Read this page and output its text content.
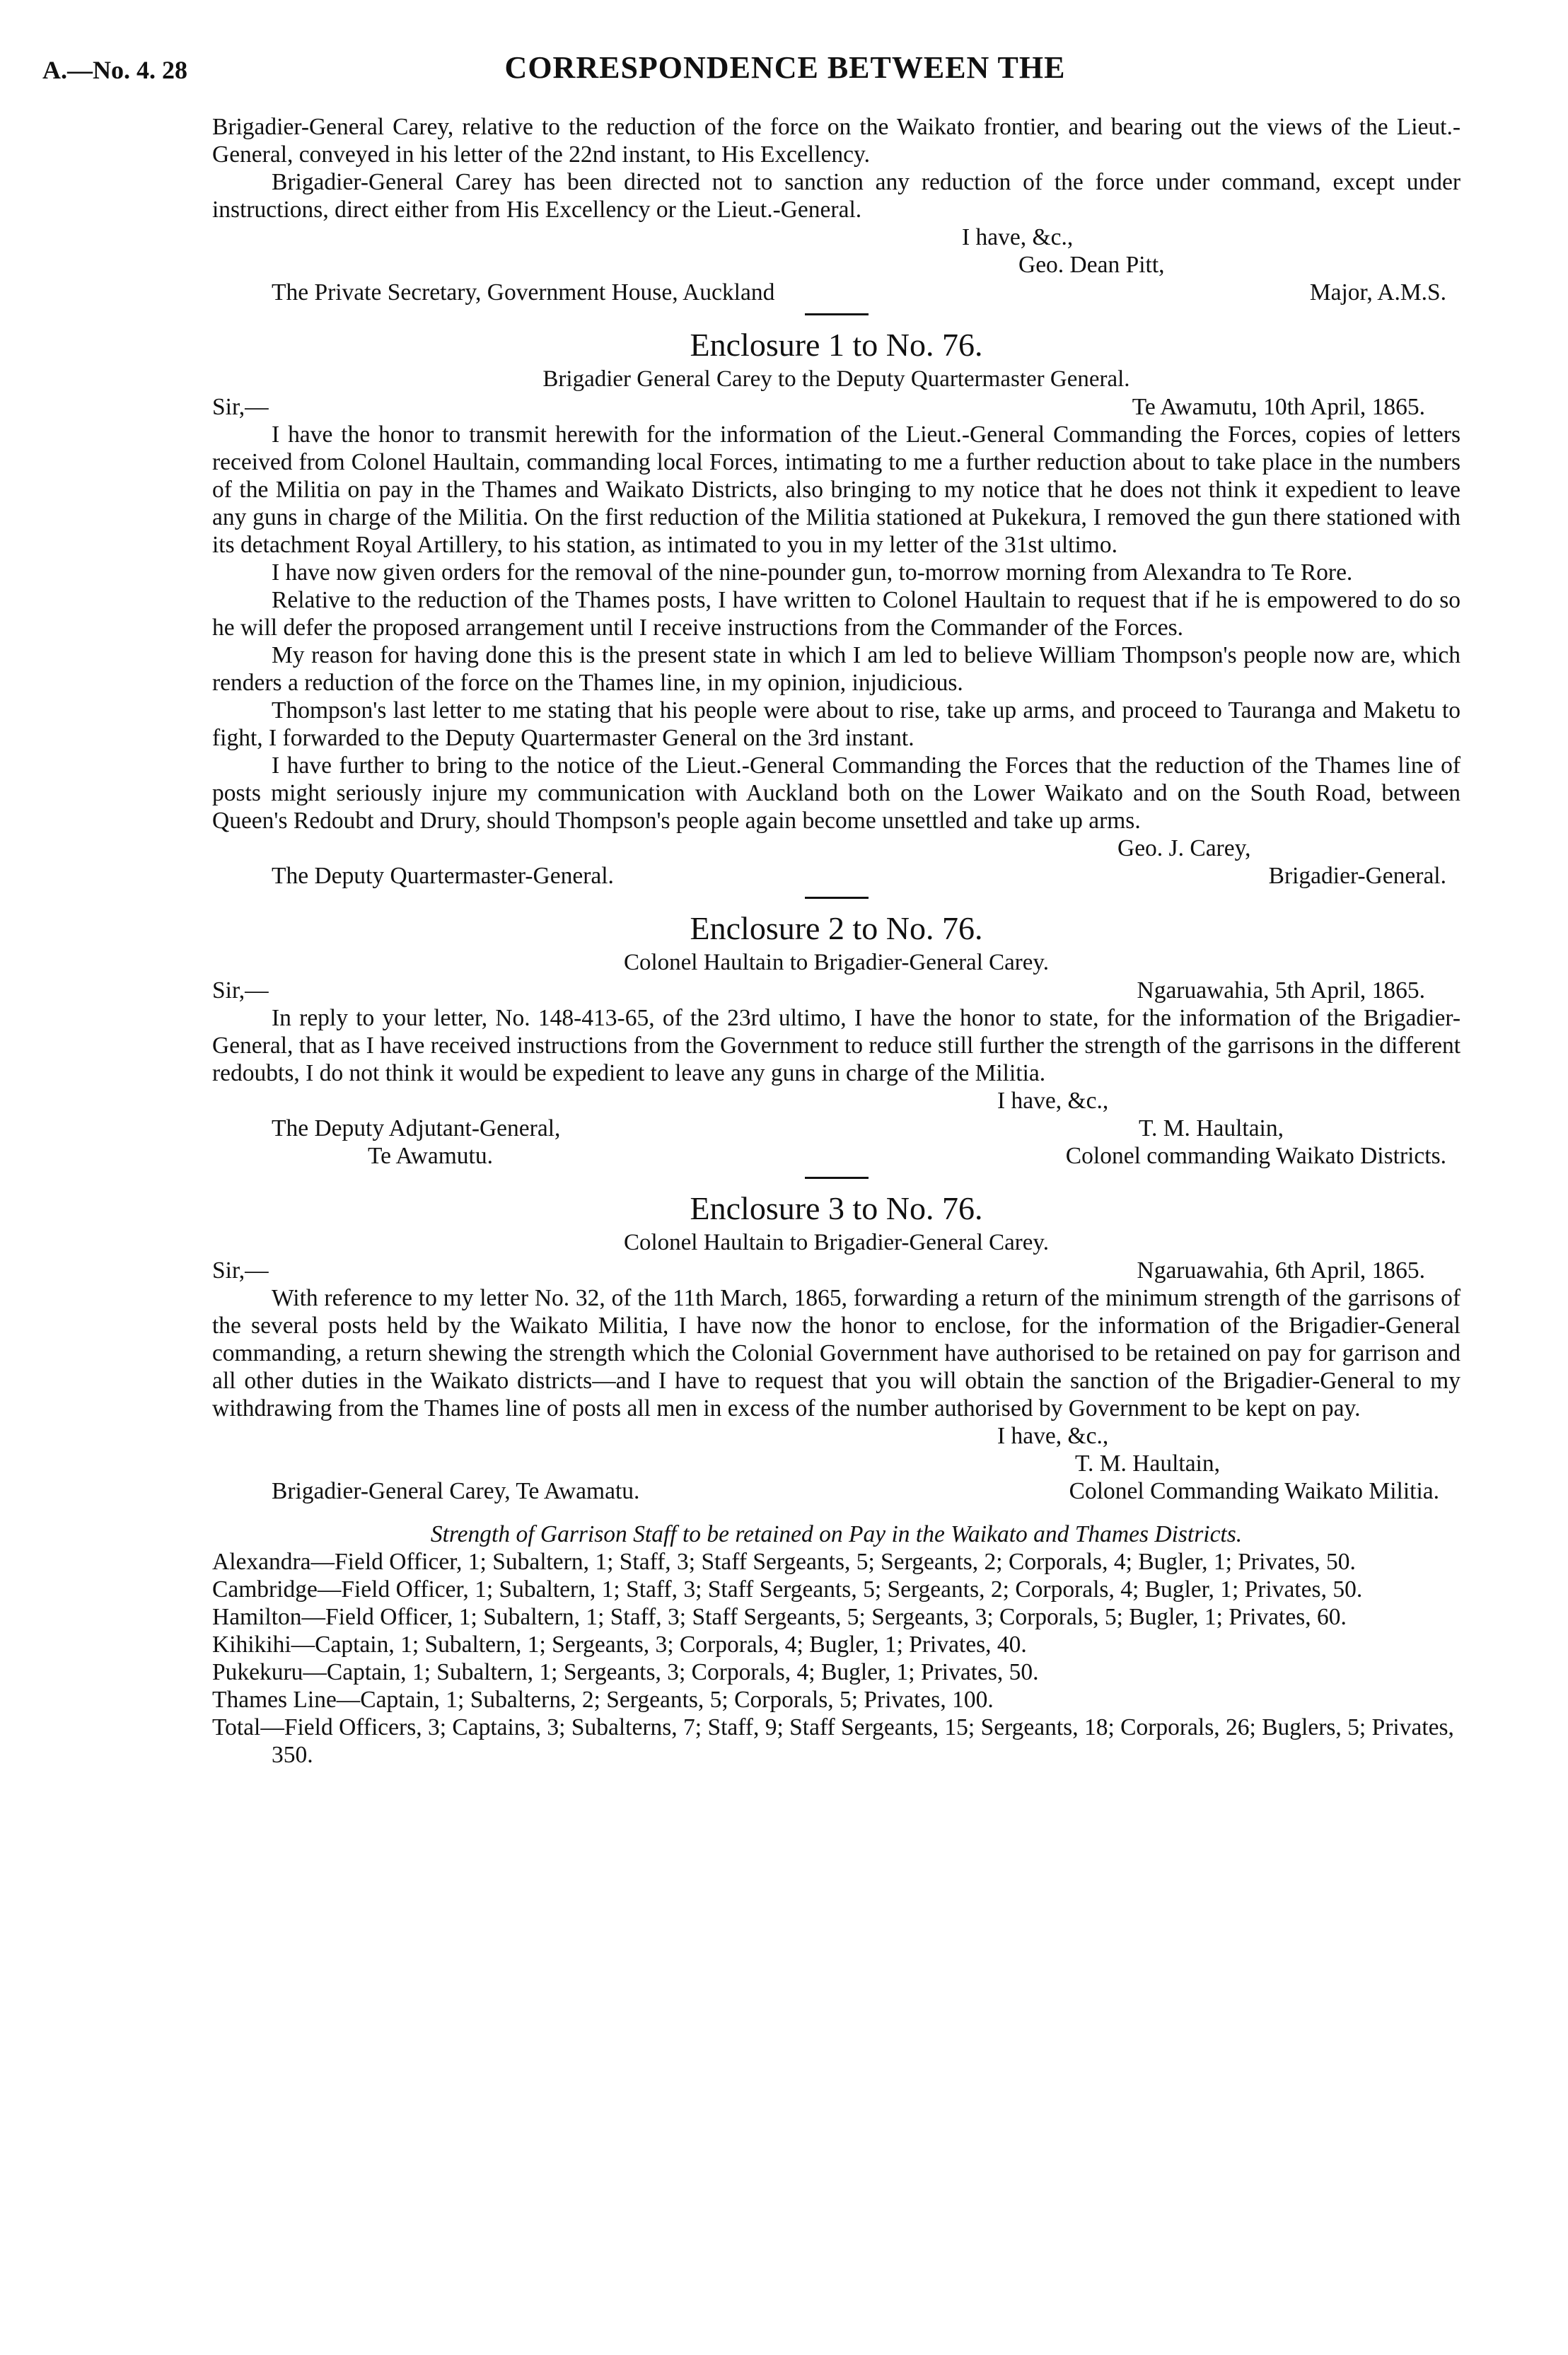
A.—No. 4. 28	CORRESPONDENCE BETWEEN THE

Brigadier-General Carey, relative to the reduction of the force on the Waikato frontier, and bearing out the views of the Lieut.-General, conveyed in his letter of the 22nd instant, to His Excellency.

Brigadier-General Carey has been directed not to sanction any reduction of the force under command, except under instructions, direct either from His Excellency or the Lieut.-General.

I have, &c.,

Geo. Dean Pitt,

The Private Secretary, Government House, Auckland	Major, A.M.S.
Enclosure 1 to No. 76.
Brigadier General Carey to the Deputy Quartermaster General.
Sir,—	Te Awamutu, 10th April, 1865.

I have the honor to transmit herewith for the information of the Lieut.-General Commanding the Forces, copies of letters received from Colonel Haultain, commanding local Forces, intimating to me a further reduction about to take place in the numbers of the Militia on pay in the Thames and Waikato Districts, also bringing to my notice that he does not think it expedient to leave any guns in charge of the Militia. On the first reduction of the Militia stationed at Pukekura, I removed the gun there stationed with its detachment Royal Artillery, to his station, as intimated to you in my letter of the 31st ultimo.

I have now given orders for the removal of the nine-pounder gun, to-morrow morning from Alexandra to Te Rore.

Relative to the reduction of the Thames posts, I have written to Colonel Haultain to request that if he is empowered to do so he will defer the proposed arrangement until I receive instructions from the Commander of the Forces.

My reason for having done this is the present state in which I am led to believe William Thompson's people now are, which renders a reduction of the force on the Thames line, in my opinion, injudicious.

Thompson's last letter to me stating that his people were about to rise, take up arms, and proceed to Tauranga and Maketu to fight, I forwarded to the Deputy Quartermaster General on the 3rd instant.

I have further to bring to the notice of the Lieut.-General Commanding the Forces that the reduction of the Thames line of posts might seriously injure my communication with Auckland both on the Lower Waikato and on the South Road, between Queen's Redoubt and Drury, should Thompson's people again become unsettled and take up arms.

Geo. J. Carey,

The Deputy Quartermaster-General.	Brigadier-General.
Enclosure 2 to No. 76.
Colonel Haultain to Brigadier-General Carey.
Sir,—	Ngaruawahia, 5th April, 1865.

In reply to your letter, No. 148-413-65, of the 23rd ultimo, I have the honor to state, for the information of the Brigadier-General, that as I have received instructions from the Government to reduce still further the strength of the garrisons in the different redoubts, I do not think it would be expedient to leave any guns in charge of the Militia.

I have, &c.,

The Deputy Adjutant-General,	T. M. Haultain,
Te Awamutu.	Colonel commanding Waikato Districts.
Enclosure 3 to No. 76.
Colonel Haultain to Brigadier-General Carey.
Sir,—	Ngaruawahia, 6th April, 1865.

With reference to my letter No. 32, of the 11th March, 1865, forwarding a return of the minimum strength of the garrisons of the several posts held by the Waikato Militia, I have now the honor to enclose, for the information of the Brigadier-General commanding, a return shewing the strength which the Colonial Government have authorised to be retained on pay for garrison and all other duties in the Waikato districts—and I have to request that you will obtain the sanction of the Brigadier-General to my withdrawing from the Thames line of posts all men in excess of the number authorised by Government to be kept on pay.

I have, &c.,

T. M. Haultain,

Brigadier-General Carey, Te Awamatu.	Colonel Commanding Waikato Militia.
Strength of Garrison Staff to be retained on Pay in the Waikato and Thames Districts.

Alexandra—Field Officer, 1; Subaltern, 1; Staff, 3; Staff Sergeants, 5; Sergeants, 2; Corporals, 4; Bugler, 1; Privates, 50.

Cambridge—Field Officer, 1; Subaltern, 1; Staff, 3; Staff Sergeants, 5; Sergeants, 2; Corporals, 4; Bugler, 1; Privates, 50.

Hamilton—Field Officer, 1; Subaltern, 1; Staff, 3; Staff Sergeants, 5; Sergeants, 3; Corporals, 5; Bugler, 1; Privates, 60.

Kihikihi—Captain, 1; Subaltern, 1; Sergeants, 3; Corporals, 4; Bugler, 1; Privates, 40.

Pukekuru—Captain, 1; Subaltern, 1; Sergeants, 3; Corporals, 4; Bugler, 1; Privates, 50.

Thames Line—Captain, 1; Subalterns, 2; Sergeants, 5; Corporals, 5; Privates, 100.

Total—Field Officers, 3; Captains, 3; Subalterns, 7; Staff, 9; Staff Sergeants, 15; Sergeants, 18; Corporals, 26; Buglers, 5; Privates, 350.
